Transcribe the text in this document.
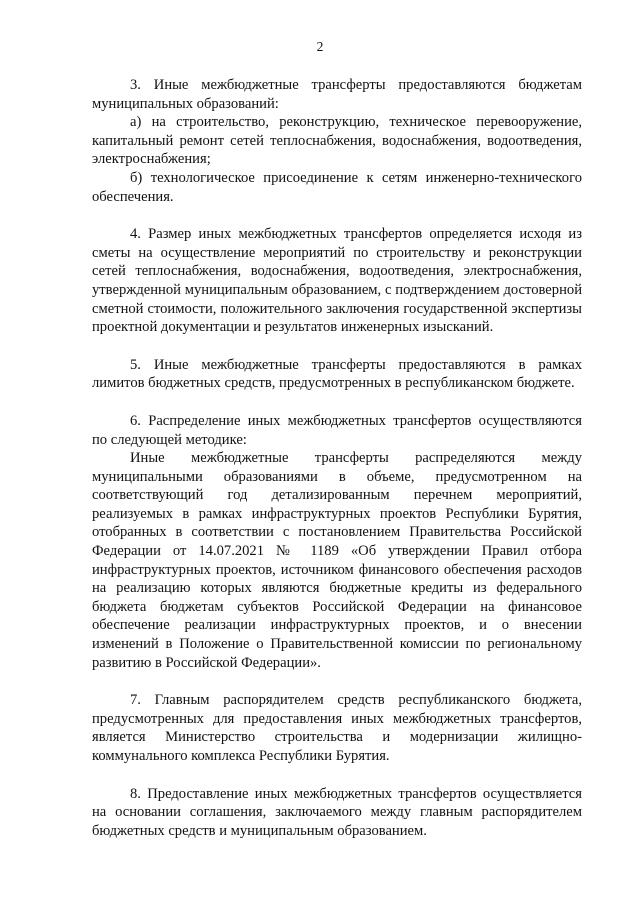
2

3. Иные межбюджетные трансферты предоставляются бюджетам муниципальных образований:

а) на строительство, реконструкцию, техническое перевооружение, капитальный ремонт сетей теплоснабжения, водоснабжения, водоотведения, электроснабжения;

б) технологическое присоединение к сетям инженерно-технического обеспечения.

4. Размер иных межбюджетных трансфертов определяется исходя из сметы на осуществление мероприятий по строительству и реконструкции сетей теплоснабжения, водоснабжения, водоотведения, электроснабжения, утвержденной муниципальным образованием, с подтверждением достоверной сметной стоимости, положительного заключения государственной экспертизы проектной документации и результатов инженерных изысканий.

5. Иные межбюджетные трансферты предоставляются в рамках лимитов бюджетных средств, предусмотренных в республиканском бюджете.

6. Распределение иных межбюджетных трансфертов осуществляются по следующей методике:

Иные межбюджетные трансферты распределяются между муниципальными образованиями в объеме, предусмотренном на соответствующий год детализированным перечнем мероприятий, реализуемых в рамках инфраструктурных проектов Республики Бурятия, отобранных в соответствии с постановлением Правительства Российской Федерации от 14.07.2021 № 1189 «Об утверждении Правил отбора инфраструктурных проектов, источником финансового обеспечения расходов на реализацию которых являются бюджетные кредиты из федерального бюджета бюджетам субъектов Российской Федерации на финансовое обеспечение реализации инфраструктурных проектов, и о внесении изменений в Положение о Правительственной комиссии по региональному развитию в Российской Федерации».

7. Главным распорядителем средств республиканского бюджета, предусмотренных для предоставления иных межбюджетных трансфертов, является Министерство строительства и модернизации жилищно-коммунального комплекса Республики Бурятия.

8. Предоставление иных межбюджетных трансфертов осуществляется на основании соглашения, заключаемого между главным распорядителем бюджетных средств и муниципальным образованием.
